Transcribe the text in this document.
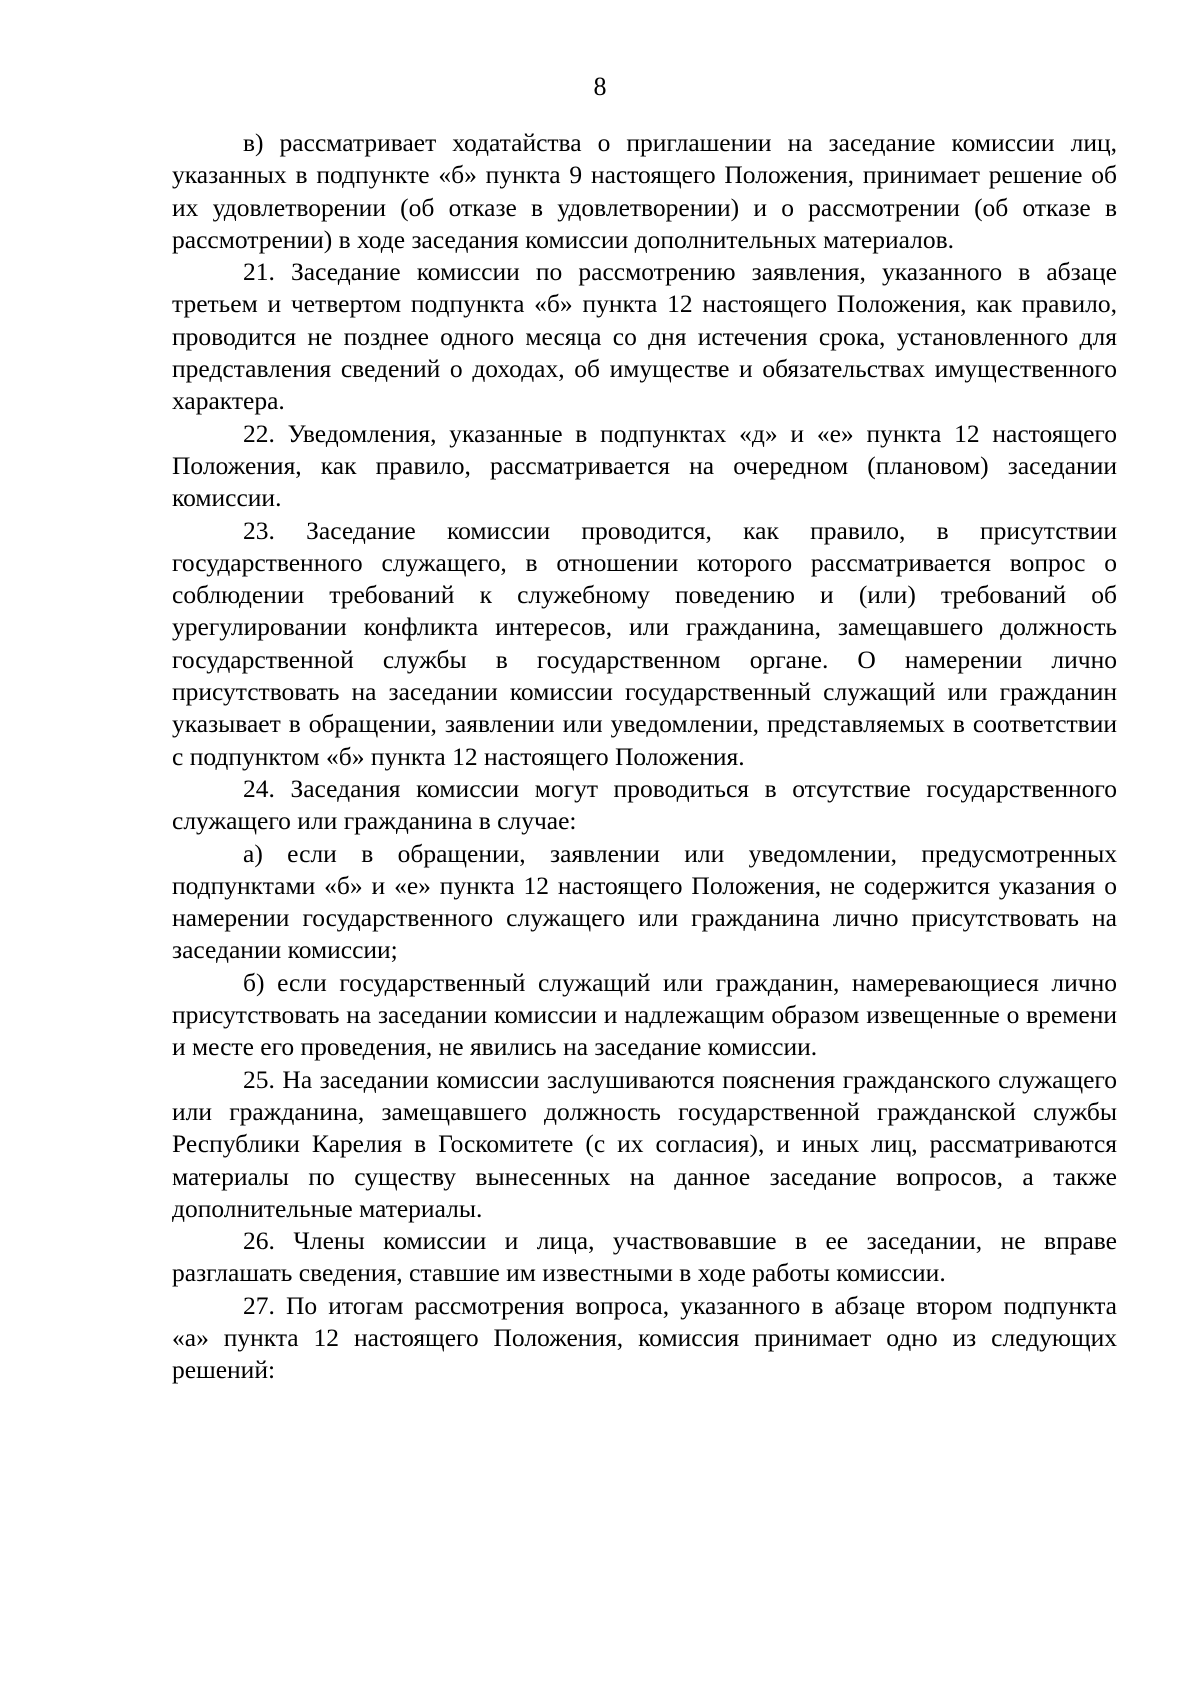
8

в) рассматривает ходатайства о приглашении на заседание комиссии лиц, указанных в подпункте «б» пункта 9 настоящего Положения, принимает решение об их удовлетворении (об отказе в удовлетворении) и о рассмотрении (об отказе в рассмотрении) в ходе заседания комиссии дополнительных материалов.

21. Заседание комиссии по рассмотрению заявления, указанного в абзаце третьем и четвертом подпункта «б» пункта 12 настоящего Положения, как правило, проводится не позднее одного месяца со дня истечения срока, установленного для представления сведений о доходах, об имуществе и обязательствах имущественного характера.

22. Уведомления, указанные в подпунктах «д» и «е» пункта 12 настоящего Положения, как правило, рассматривается на очередном (плановом) заседании комиссии.

23. Заседание комиссии проводится, как правило, в присутствии государственного служащего, в отношении которого рассматривается вопрос о соблюдении требований к служебному поведению и (или) требований об урегулировании конфликта интересов, или гражданина, замещавшего должность государственной службы в государственном органе. О намерении лично присутствовать на заседании комиссии государственный служащий или гражданин указывает в обращении, заявлении или уведомлении, представляемых в соответствии с подпунктом «б» пункта 12 настоящего Положения.

24. Заседания комиссии могут проводиться в отсутствие государственного служащего или гражданина в случае:

а) если в обращении, заявлении или уведомлении, предусмотренных подпунктами «б» и «е» пункта 12 настоящего Положения, не содержится указания о намерении государственного служащего или гражданина лично присутствовать на заседании комиссии;

б) если государственный служащий или гражданин, намеревающиеся лично присутствовать на заседании комиссии и надлежащим образом извещенные о времени и месте его проведения, не явились на заседание комиссии.

25. На заседании комиссии заслушиваются пояснения гражданского служащего или гражданина, замещавшего должность государственной гражданской службы Республики Карелия в Госкомитете (с их согласия), и иных лиц, рассматриваются материалы по существу вынесенных на данное заседание вопросов, а также дополнительные материалы.

26. Члены комиссии и лица, участвовавшие в ее заседании, не вправе разглашать сведения, ставшие им известными в ходе работы комиссии.

27. По итогам рассмотрения вопроса, указанного в абзаце втором подпункта «а» пункта 12 настоящего Положения, комиссия принимает одно из следующих решений:
